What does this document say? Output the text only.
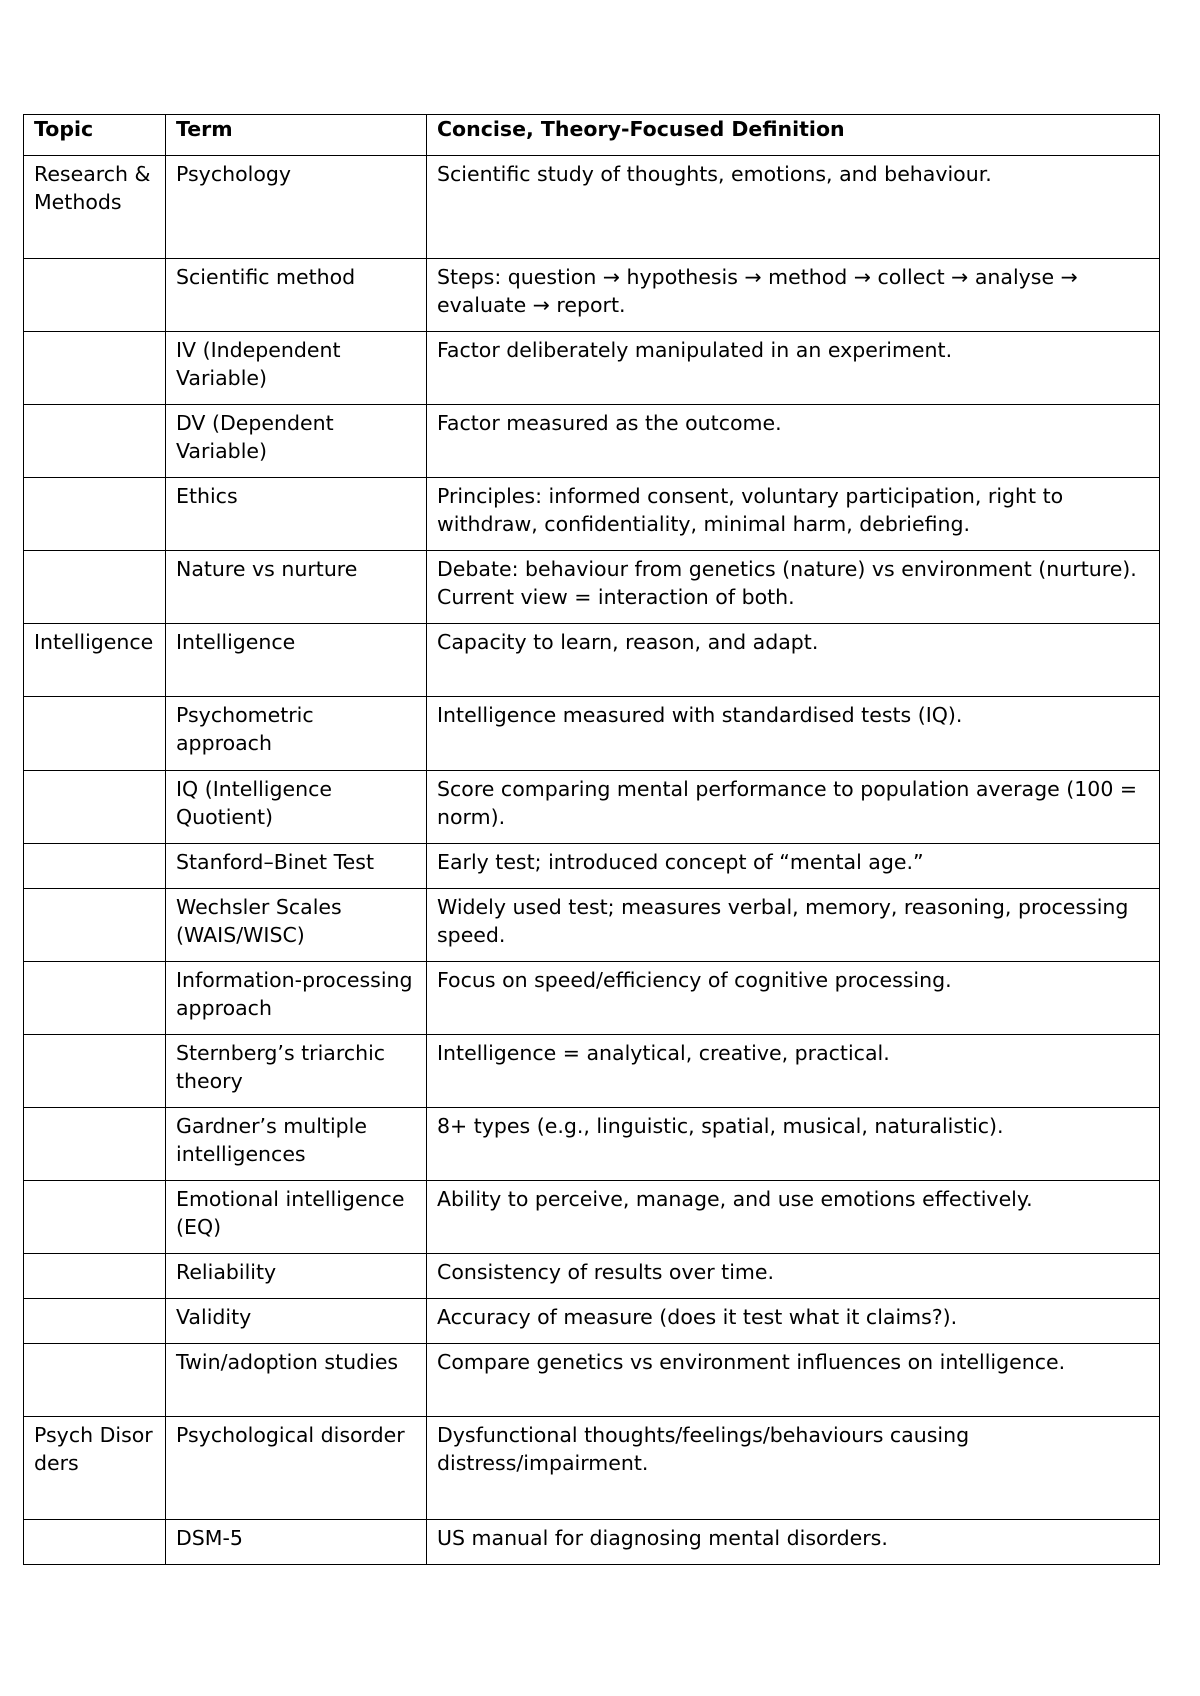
Topic	Term	Concise, Theory-Focused Definition
Research & Methods	Psychology	Scientific study of thoughts, emotions, and behaviour.
	Scientific method	Steps: question → hypothesis → method → collect → analyse → evaluate → report.
	IV (Independent Variable)	Factor deliberately manipulated in an experiment.
	DV (Dependent Variable)	Factor measured as the outcome.
	Ethics	Principles: informed consent, voluntary participation, right to withdraw, confidentiality, minimal harm, debriefing.
	Nature vs nurture	Debate: behaviour from genetics (nature) vs environment (nurture). Current view = interaction of both.
Intelligence	Intelligence	Capacity to learn, reason, and adapt.
	Psychometric approach	Intelligence measured with standardised tests (IQ).
	IQ (Intelligence Quotient)	Score comparing mental performance to population average (100 = norm).
	Stanford–Binet Test	Early test; introduced concept of “mental age.”
	Wechsler Scales (WAIS/WISC)	Widely used test; measures verbal, memory, reasoning, processing speed.
	Information-processing approach	Focus on speed/efficiency of cognitive processing.
	Sternberg’s triarchic theory	Intelligence = analytical, creative, practical.
	Gardner’s multiple intelligences	8+ types (e.g., linguistic, spatial, musical, naturalistic).
	Emotional intelligence (EQ)	Ability to perceive, manage, and use emotions effectively.
	Reliability	Consistency of results over time.
	Validity	Accuracy of measure (does it test what it claims?).
	Twin/adoption studies	Compare genetics vs environment influences on intelligence.
Psych Disorders	Psychological disorder	Dysfunctional thoughts/feelings/behaviours causing distress/impairment.
	DSM-5	US manual for diagnosing mental disorders.
